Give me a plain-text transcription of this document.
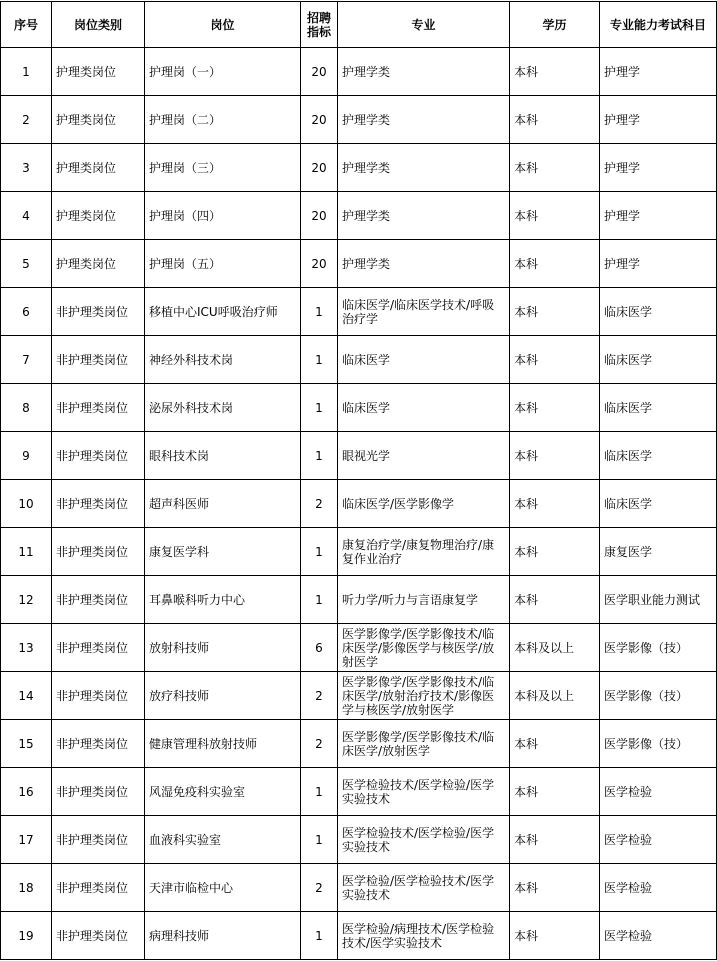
序号	岗位类别	岗位	招聘指标	专业	学历	专业能力考试科目
1	护理类岗位	护理岗（一）	20	护理学类	本科	护理学
2	护理类岗位	护理岗（二）	20	护理学类	本科	护理学
3	护理类岗位	护理岗（三）	20	护理学类	本科	护理学
4	护理类岗位	护理岗（四）	20	护理学类	本科	护理学
5	护理类岗位	护理岗（五）	20	护理学类	本科	护理学
6	非护理类岗位	移植中心ICU呼吸治疗师	1	临床医学/临床医学技术/呼吸治疗学	本科	临床医学
7	非护理类岗位	神经外科技术岗	1	临床医学	本科	临床医学
8	非护理类岗位	泌尿外科技术岗	1	临床医学	本科	临床医学
9	非护理类岗位	眼科技术岗	1	眼视光学	本科	临床医学
10	非护理类岗位	超声科医师	2	临床医学/医学影像学	本科	临床医学
11	非护理类岗位	康复医学科	1	康复治疗学/康复物理治疗/康复作业治疗	本科	康复医学
12	非护理类岗位	耳鼻喉科听力中心	1	听力学/听力与言语康复学	本科	医学职业能力测试
13	非护理类岗位	放射科技师	6	医学影像学/医学影像技术/临床医学/影像医学与核医学/放射医学	本科及以上	医学影像（技）
14	非护理类岗位	放疗科技师	2	医学影像学/医学影像技术/临床医学/放射治疗技术/影像医学与核医学/放射医学	本科及以上	医学影像（技）
15	非护理类岗位	健康管理科放射技师	2	医学影像学/医学影像技术/临床医学/放射医学	本科	医学影像（技）
16	非护理类岗位	风湿免疫科实验室	1	医学检验技术/医学检验/医学实验技术	本科	医学检验
17	非护理类岗位	血液科实验室	1	医学检验技术/医学检验/医学实验技术	本科	医学检验
18	非护理类岗位	天津市临检中心	2	医学检验/医学检验技术/医学实验技术	本科	医学检验
19	非护理类岗位	病理科技师	1	医学检验/病理技术/医学检验技术/医学实验技术	本科	医学检验
